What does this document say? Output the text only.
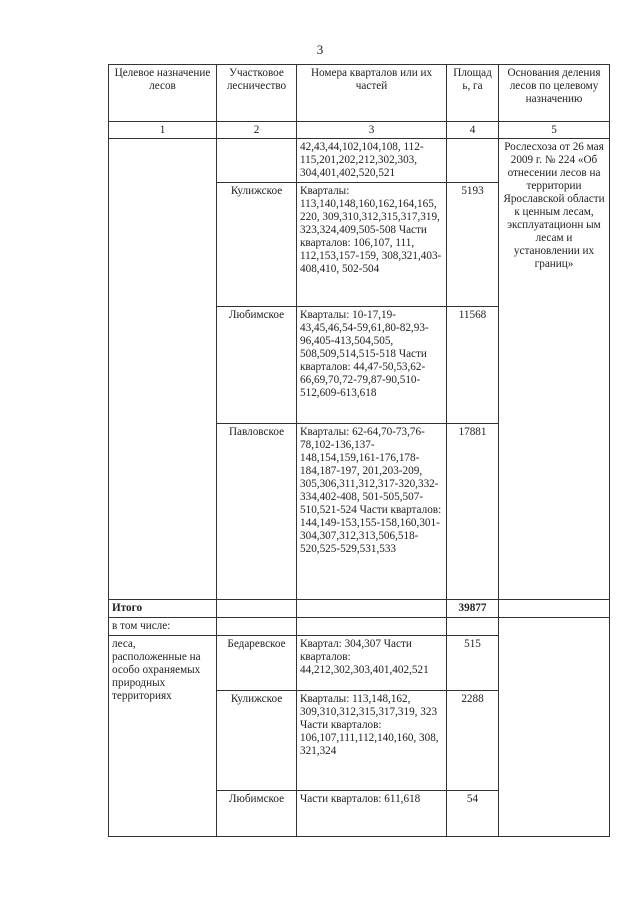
3
Целевое назначение лесов	Участковое лесничество	Номера кварталов или их частей	Площад ь, га	Основания деления лесов по целевому назначению
1	2	3	4	5
		42,43,44,102,104,108, 112-115,201,202,212,302,303, 304,401,402,520,521		Рослесхоза от 26 мая 2009 г. № 224 «Об отнесении лесов на территории Ярославской области к ценным лесам, эксплуатационн ым лесам и установлении их границ»
	Кулижское	Кварталы: 113,140,148,160,162,164,165, 220, 309,310,312,315,317,319, 323,324,409,505-508 Части кварталов: 106,107, 111, 112,153,157-159, 308,321,403-408,410, 502-504	5193	
	Любимское	Кварталы: 10-17,19-43,45,46,54-59,61,80-82,93- 96,405-413,504,505, 508,509,514,515-518 Части кварталов: 44,47-50,53,62-66,69,70,72-79,87-90,510-512,609-613,618	11568	
	Павловское	Кварталы: 62-64,70-73,76-78,102-136,137-148,154,159,161-176,178-184,187-197, 201,203-209, 305,306,311,312,317-320,332-334,402-408, 501-505,507-510,521-524 Части кварталов: 144,149-153,155-158,160,301-304,307,312,313,506,518-520,525-529,531,533	17881	
Итого			39877	
в том числе:				
леса, расположенные на особо охраняемых природных территориях	Бедаревское	Квартал: 304,307 Части кварталов: 44,212,302,303,401,402,521	515	
	Кулижское	Кварталы: 113,148,162, 309,310,312,315,317,319, 323 Части кварталов: 106,107,111,112,140,160, 308, 321,324	2288	
	Любимское	Части кварталов: 611,618	54	
